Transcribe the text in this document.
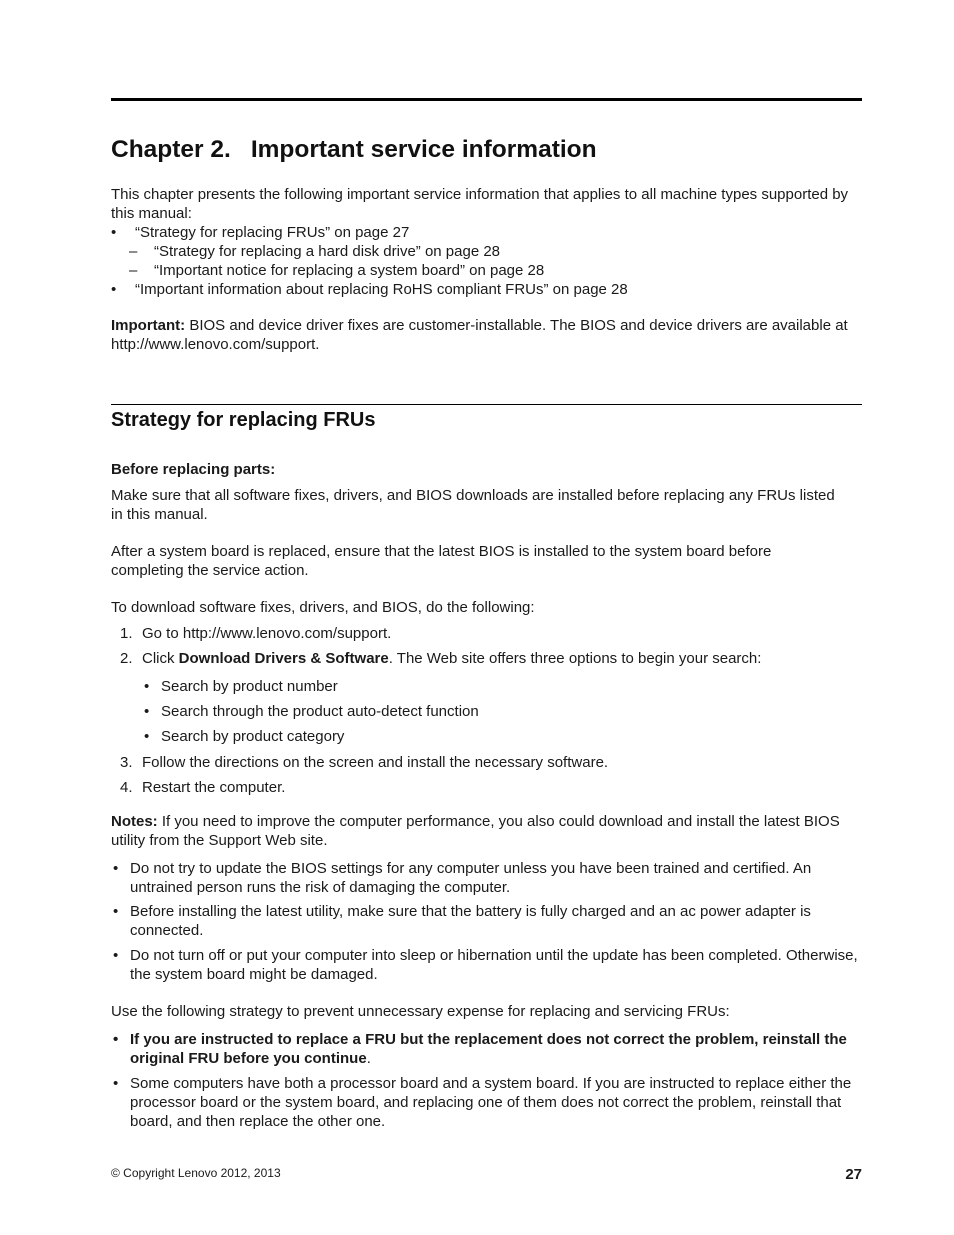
Chapter 2. Important service information

This chapter presents the following important service information that applies to all machine types supported by this manual:

• “Strategy for replacing FRUs” on page 27
– “Strategy for replacing a hard disk drive” on page 28
– “Important notice for replacing a system board” on page 28
• “Important information about replacing RoHS compliant FRUs” on page 28

Important: BIOS and device driver fixes are customer-installable. The BIOS and device drivers are available at http://www.lenovo.com/support.

Strategy for replacing FRUs
Before replacing parts:

Make sure that all software fixes, drivers, and BIOS downloads are installed before replacing any FRUs listed in this manual.

After a system board is replaced, ensure that the latest BIOS is installed to the system board before completing the service action.

To download software fixes, drivers, and BIOS, do the following:

1. Go to http://www.lenovo.com/support.
2. Click Download Drivers & Software. The Web site offers three options to begin your search:
• Search by product number
• Search through the product auto-detect function
• Search by product category
3. Follow the directions on the screen and install the necessary software.
4. Restart the computer.

Notes: If you need to improve the computer performance, you also could download and install the latest BIOS utility from the Support Web site.

• Do not try to update the BIOS settings for any computer unless you have been trained and certified. An untrained person runs the risk of damaging the computer.
• Before installing the latest utility, make sure that the battery is fully charged and an ac power adapter is connected.
• Do not turn off or put your computer into sleep or hibernation until the update has been completed. Otherwise, the system board might be damaged.

Use the following strategy to prevent unnecessary expense for replacing and servicing FRUs:

• If you are instructed to replace a FRU but the replacement does not correct the problem, reinstall the original FRU before you continue.
• Some computers have both a processor board and a system board. If you are instructed to replace either the processor board or the system board, and replacing one of them does not correct the problem, reinstall that board, and then replace the other one.
© Copyright Lenovo 2012, 2013	27
